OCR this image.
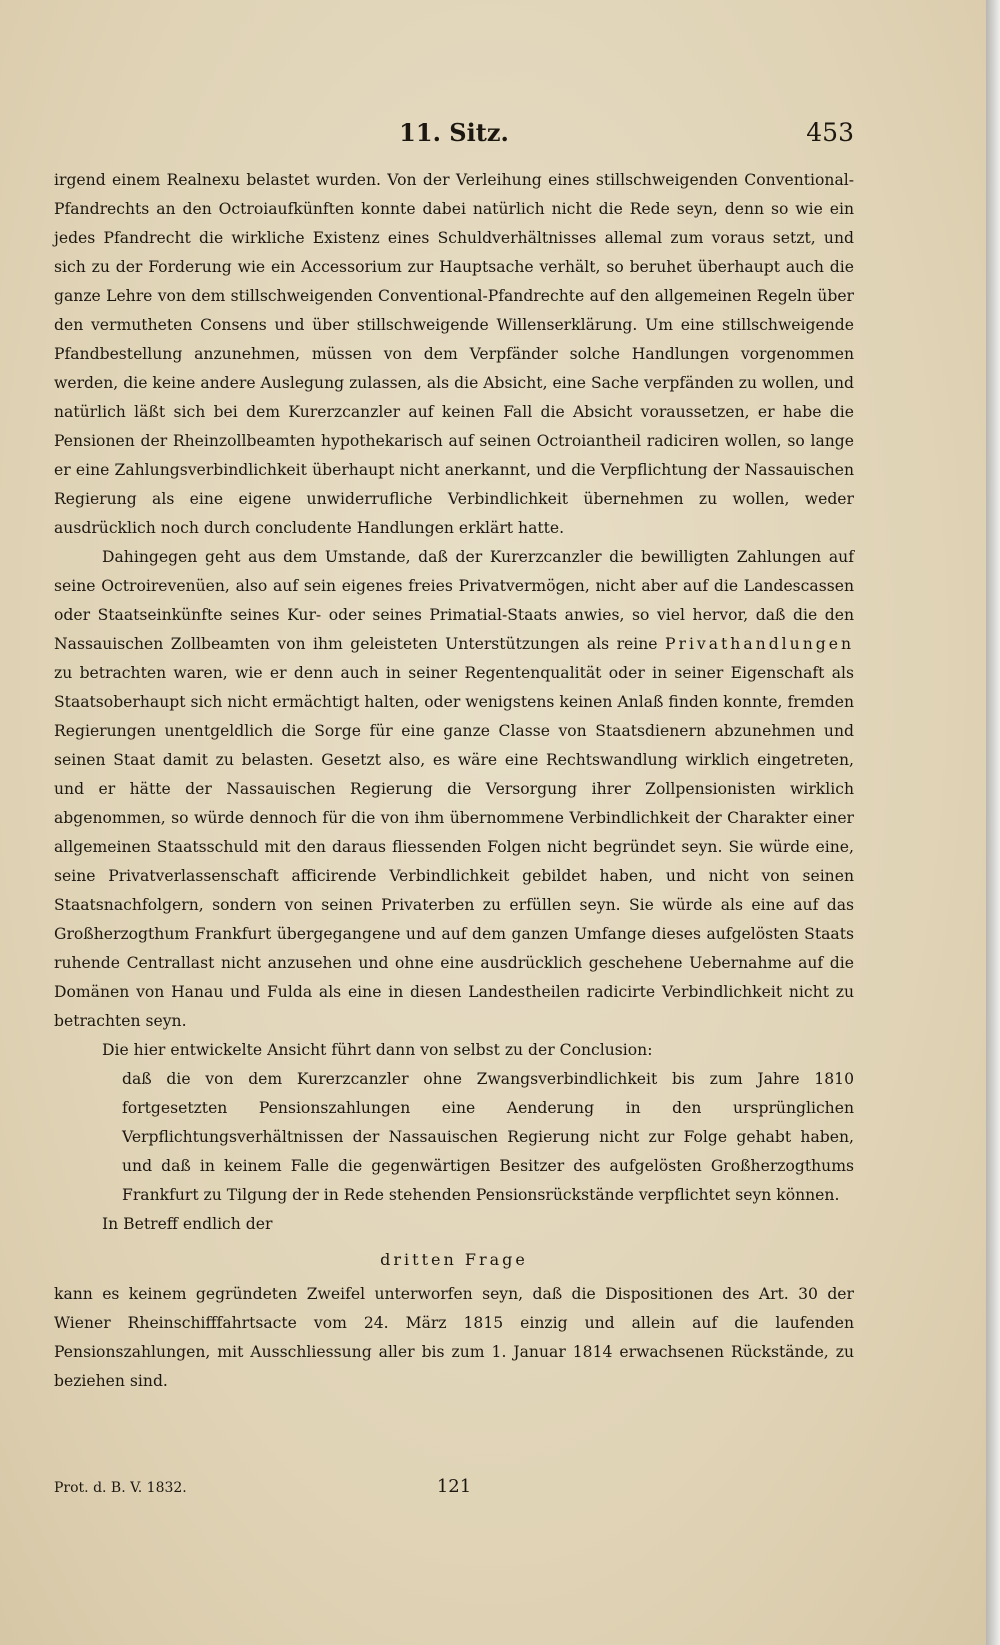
11. Sitz.	453

irgend einem Realnexu belastet wurden. Von der Verleihung eines stillschweigenden Conventional-Pfandrechts an den Octroiaufkünften konnte dabei natürlich nicht die Rede seyn, denn so wie ein jedes Pfandrecht die wirkliche Existenz eines Schuldverhältnisses allemal zum voraus setzt, und sich zu der Forderung wie ein Accessorium zur Hauptsache verhält, so beruhet überhaupt auch die ganze Lehre von dem stillschweigenden Conventional-Pfandrechte auf den allgemeinen Regeln über den vermutheten Consens und über stillschweigende Willenserklärung. Um eine stillschweigende Pfandbestellung anzunehmen, müssen von dem Verpfänder solche Handlungen vorgenommen werden, die keine andere Auslegung zulassen, als die Absicht, eine Sache verpfänden zu wollen, und natürlich läßt sich bei dem Kurerzcanzler auf keinen Fall die Absicht voraussetzen, er habe die Pensionen der Rheinzollbeamten hypothekarisch auf seinen Octroiantheil radiciren wollen, so lange er eine Zahlungsverbindlichkeit überhaupt nicht anerkannt, und die Verpflichtung der Nassauischen Regierung als eine eigene unwiderrufliche Verbindlichkeit übernehmen zu wollen, weder ausdrücklich noch durch concludente Handlungen erklärt hatte.

Dahingegen geht aus dem Umstande, daß der Kurerzcanzler die bewilligten Zahlungen auf seine Octroirevenüen, also auf sein eigenes freies Privatvermögen, nicht aber auf die Landescassen oder Staatseinkünfte seines Kur- oder seines Primatial-Staats anwies, so viel hervor, daß die den Nassauischen Zollbeamten von ihm geleisteten Unterstützungen als reine Privathandlungen zu betrachten waren, wie er denn auch in seiner Regentenqualität oder in seiner Eigenschaft als Staatsoberhaupt sich nicht ermächtigt halten, oder wenigstens keinen Anlaß finden konnte, fremden Regierungen unentgeldlich die Sorge für eine ganze Classe von Staatsdienern abzunehmen und seinen Staat damit zu belasten. Gesetzt also, es wäre eine Rechtswandlung wirklich eingetreten, und er hätte der Nassauischen Regierung die Versorgung ihrer Zollpensionisten wirklich abgenommen, so würde dennoch für die von ihm übernommene Verbindlichkeit der Charakter einer allgemeinen Staatsschuld mit den daraus fliessenden Folgen nicht begründet seyn. Sie würde eine, seine Privatverlassenschaft afficirende Verbindlichkeit gebildet haben, und nicht von seinen Staatsnachfolgern, sondern von seinen Privaterben zu erfüllen seyn. Sie würde als eine auf das Großherzogthum Frankfurt übergegangene und auf dem ganzen Umfange dieses aufgelösten Staats ruhende Centrallast nicht anzusehen und ohne eine ausdrücklich geschehene Uebernahme auf die Domänen von Hanau und Fulda als eine in diesen Landestheilen radicirte Verbindlichkeit nicht zu betrachten seyn.

Die hier entwickelte Ansicht führt dann von selbst zu der Conclusion:

daß die von dem Kurerzcanzler ohne Zwangsverbindlichkeit bis zum Jahre 1810 fortgesetzten Pensionszahlungen eine Aenderung in den ursprünglichen Verpflichtungsverhältnissen der Nassauischen Regierung nicht zur Folge gehabt haben, und daß in keinem Falle die gegenwärtigen Besitzer des aufgelösten Großherzogthums Frankfurt zu Tilgung der in Rede stehenden Pensionsrückstände verpflichtet seyn können.

In Betreff endlich der

dritten Frage

kann es keinem gegründeten Zweifel unterworfen seyn, daß die Dispositionen des Art. 30 der Wiener Rheinschifffahrtsacte vom 24. März 1815 einzig und allein auf die laufenden Pensionszahlungen, mit Ausschliessung aller bis zum 1. Januar 1814 erwachsenen Rückstände, zu beziehen sind.

Prot. d. B. V. 1832.	121
